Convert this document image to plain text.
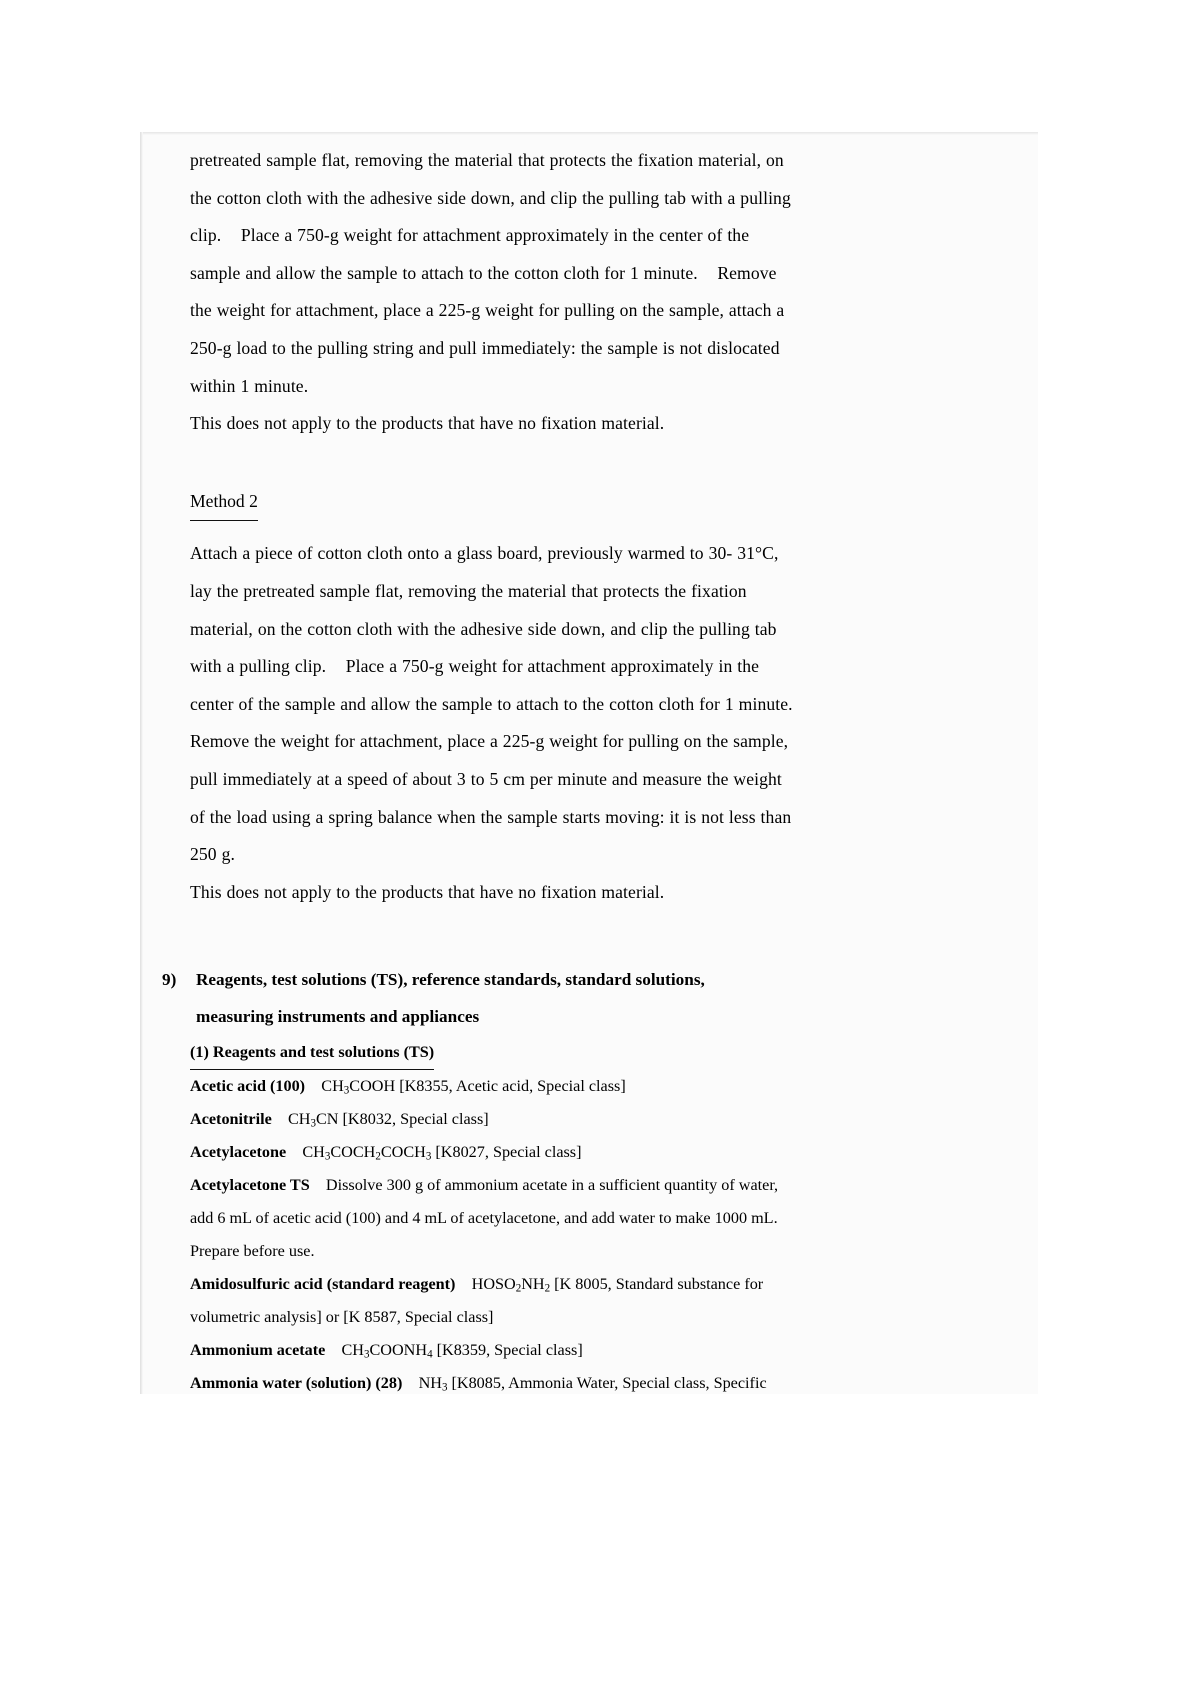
pretreated sample flat, removing the material that protects the fixation material, on
the cotton cloth with the adhesive side down, and clip the pulling tab with a pulling
clip.    Place a 750-g weight for attachment approximately in the center of the
sample and allow the sample to attach to the cotton cloth for 1 minute.    Remove
the weight for attachment, place a 225-g weight for pulling on the sample, attach a
250-g load to the pulling string and pull immediately: the sample is not dislocated
within 1 minute.

This does not apply to the products that have no fixation material.

Method 2

Attach a piece of cotton cloth onto a glass board, previously warmed to 30- 31°C,
lay the pretreated sample flat, removing the material that protects the fixation
material, on the cotton cloth with the adhesive side down, and clip the pulling tab
with a pulling clip.    Place a 750-g weight for attachment approximately in the
center of the sample and allow the sample to attach to the cotton cloth for 1 minute.
Remove the weight for attachment, place a 225-g weight for pulling on the sample,
pull immediately at a speed of about 3 to 5 cm per minute and measure the weight
of the load using a spring balance when the sample starts moving: it is not less than
250 g.

This does not apply to the products that have no fixation material.

9)	Reagents, test solutions (TS), reference standards, standard solutions,
measuring instruments and appliances
(1) Reagents and test solutions (TS)
Acetic acid (100) $CH_3COOH$ [K8355, Acetic acid, Special class]
Acetonitrile $CH_3CN$ [K8032, Special class]
Acetylacetone $CH_3COCH_2COCH_3$ [K8027, Special class]
Acetylacetone TS Dissolve 300 g of ammonium acetate in a sufficient quantity of water,
add 6 mL of acetic acid (100) and 4 mL of acetylacetone, and add water to make 1000 mL.
Prepare before use.
Amidosulfuric acid (standard reagent) $HOSO_2NH_2$ [K 8005, Standard substance for
volumetric analysis] or [K 8587, Special class]
Ammonium acetate $CH_3COONH_4$ [K8359, Special class]
Ammonia water (solution) (28) $NH_3$ [K8085, Ammonia Water, Special class, Specific
